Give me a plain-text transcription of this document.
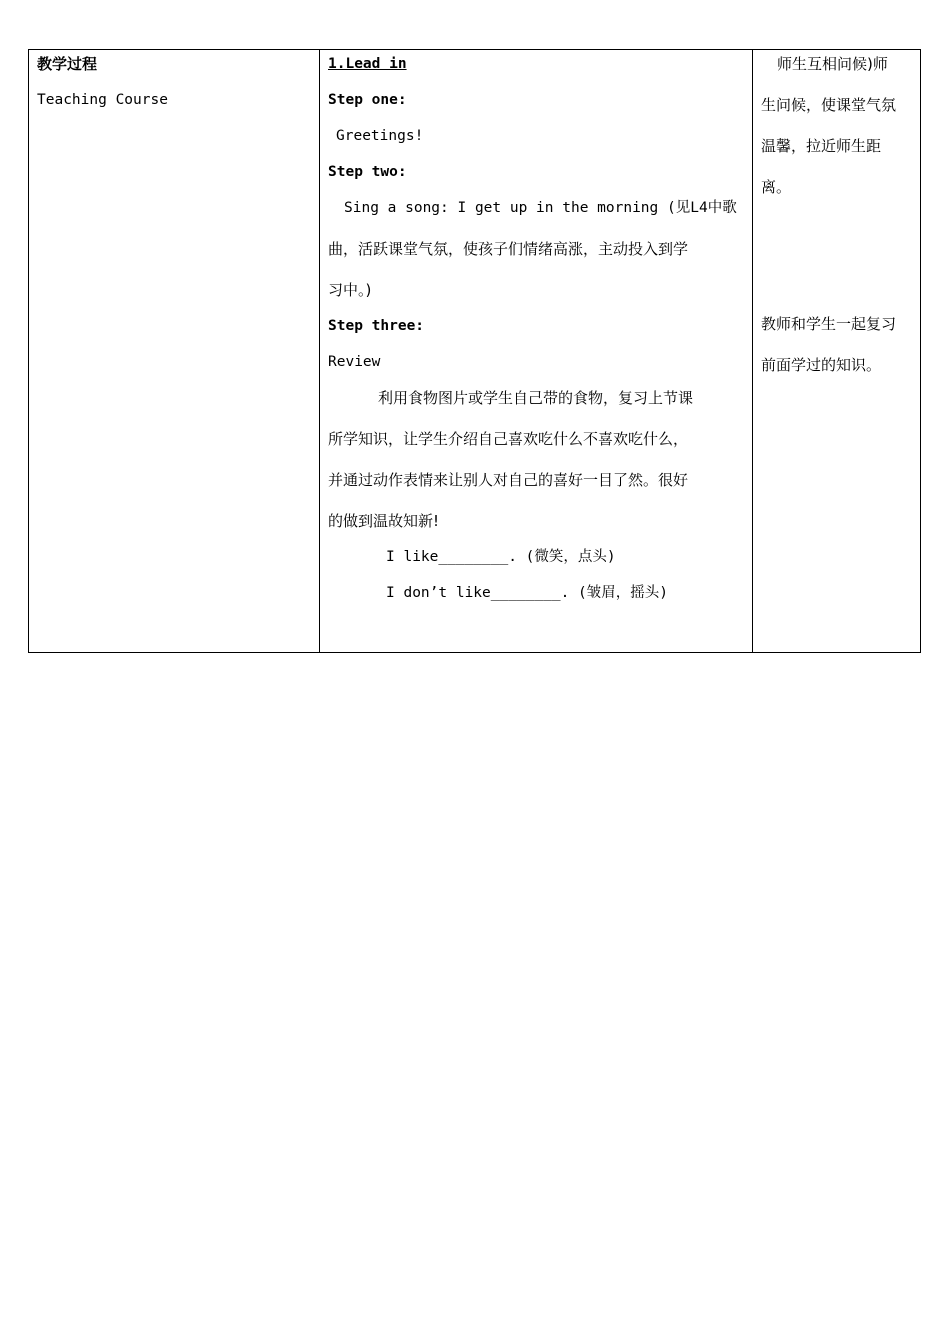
教学过程
Teaching Course
1.Lead in
Step one:
Greetings!
Step two:
Sing a song: I get up in the morning (见L4中歌
曲，活跃课堂气氛，使孩子们情绪高涨，主动投入到学
习中。)
Step three:
Review
利用食物图片或学生自己带的食物，复习上节课
所学知识，让学生介绍自己喜欢吃什么不喜欢吃什么，
并通过动作表情来让别人对自己的喜好一目了然。很好
的做到温故知新!
I like________. (微笑，点头)
I don’t like________. (皱眉，摇头)
师生互相问候)师
生问候，使课堂气氛
温馨，拉近师生距
离。
教师和学生一起复习
前面学过的知识。
